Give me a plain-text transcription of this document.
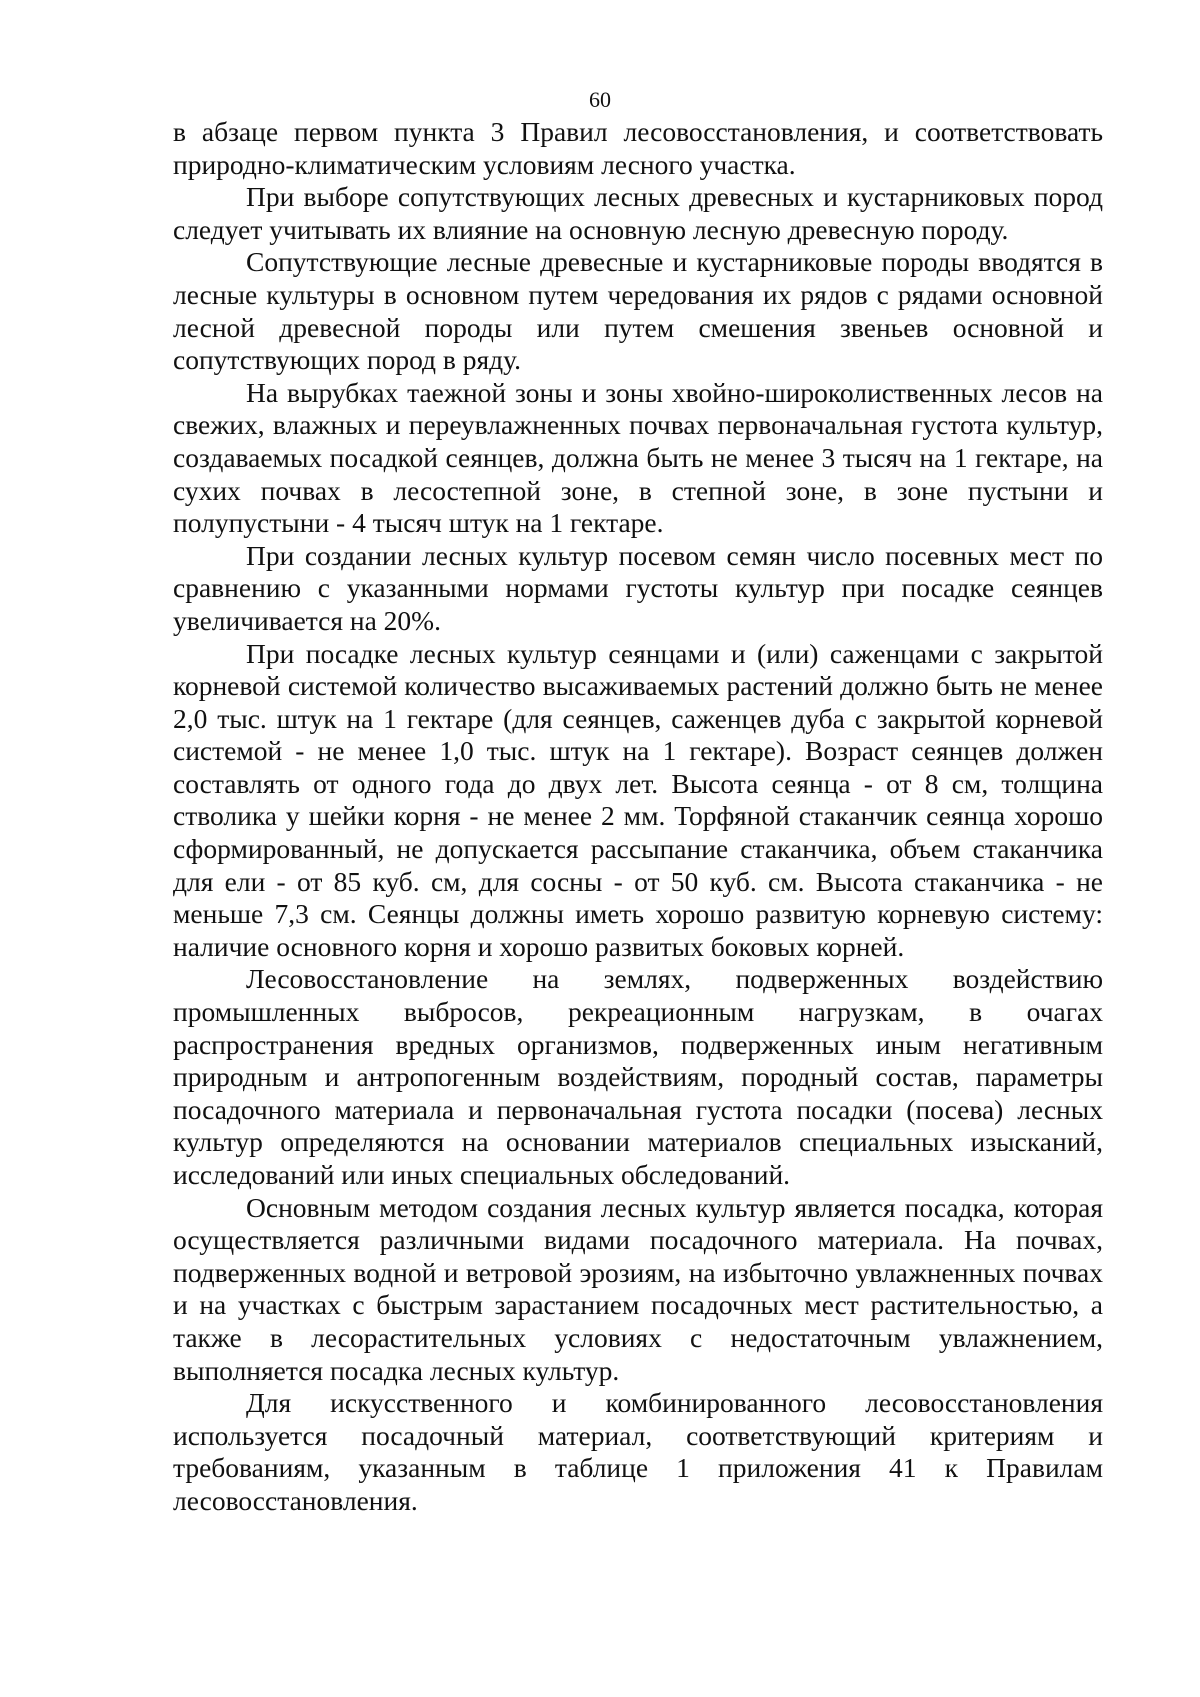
60

в абзаце первом пункта 3 Правил лесовосстановления, и соответствовать природно-климатическим условиям лесного участка.

При выборе сопутствующих лесных древесных и кустарниковых пород следует учитывать их влияние на основную лесную древесную породу.

Сопутствующие лесные древесные и кустарниковые породы вводятся в лесные культуры в основном путем чередования их рядов с рядами основной лесной древесной породы или путем смешения звеньев основной и сопутствующих пород в ряду.

На вырубках таежной зоны и зоны хвойно-широколиственных лесов на свежих, влажных и переувлажненных почвах первоначальная густота культур, создаваемых посадкой сеянцев, должна быть не менее 3 тысяч на 1 гектаре, на сухих почвах в лесостепной зоне, в степной зоне, в зоне пустыни и полупустыни - 4 тысяч штук на 1 гектаре.

При создании лесных культур посевом семян число посевных мест по сравнению с указанными нормами густоты культур при посадке сеянцев увеличивается на 20%.

При посадке лесных культур сеянцами и (или) саженцами с закрытой корневой системой количество высаживаемых растений должно быть не менее 2,0 тыс. штук на 1 гектаре (для сеянцев, саженцев дуба с закрытой корневой системой - не менее 1,0 тыс. штук на 1 гектаре). Возраст сеянцев должен составлять от одного года до двух лет. Высота сеянца - от 8 см, толщина стволика у шейки корня - не менее 2 мм. Торфяной стаканчик сеянца хорошо сформированный, не допускается рассыпание стаканчика, объем стаканчика для ели - от 85 куб. см, для сосны - от 50 куб. см. Высота стаканчика - не меньше 7,3 см. Сеянцы должны иметь хорошо развитую корневую систему: наличие основного корня и хорошо развитых боковых корней.

Лесовосстановление на землях, подверженных воздействию промышленных выбросов, рекреационным нагрузкам, в очагах распространения вредных организмов, подверженных иным негативным природным и антропогенным воздействиям, породный состав, параметры посадочного материала и первоначальная густота посадки (посева) лесных культур определяются на основании материалов специальных изысканий, исследований или иных специальных обследований.

Основным методом создания лесных культур является посадка, которая осуществляется различными видами посадочного материала. На почвах, подверженных водной и ветровой эрозиям, на избыточно увлажненных почвах и на участках с быстрым зарастанием посадочных мест растительностью, а также в лесорастительных условиях с недостаточным увлажнением, выполняется посадка лесных культур.

Для искусственного и комбинированного лесовосстановления используется посадочный материал, соответствующий критериям и требованиям, указанным в таблице 1 приложения 41 к Правилам лесовосстановления.
